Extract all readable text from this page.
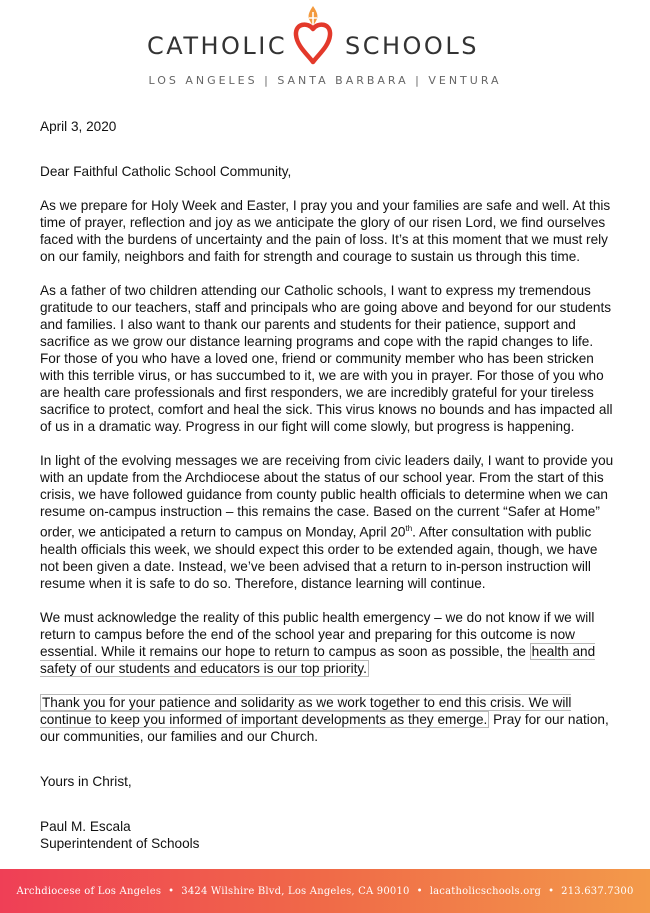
CATHOLIC SCHOOLS
LOS ANGELES | SANTA BARBARA | VENTURA

April 3, 2020

Dear Faithful Catholic School Community,

As we prepare for Holy Week and Easter, I pray you and your families are safe and well. At this time of prayer, reflection and joy as we anticipate the glory of our risen Lord, we find ourselves faced with the burdens of uncertainty and the pain of loss. It’s at this moment that we must rely on our family, neighbors and faith for strength and courage to sustain us through this time.

As a father of two children attending our Catholic schools, I want to express my tremendous gratitude to our teachers, staff and principals who are going above and beyond for our students and families. I also want to thank our parents and students for their patience, support and sacrifice as we grow our distance learning programs and cope with the rapid changes to life. For those of you who have a loved one, friend or community member who has been stricken with this terrible virus, or has succumbed to it, we are with you in prayer. For those of you who are health care professionals and first responders, we are incredibly grateful for your tireless sacrifice to protect, comfort and heal the sick. This virus knows no bounds and has impacted all of us in a dramatic way. Progress in our fight will come slowly, but progress is happening.

In light of the evolving messages we are receiving from civic leaders daily, I want to provide you with an update from the Archdiocese about the status of our school year. From the start of this crisis, we have followed guidance from county public health officials to determine when we can resume on-campus instruction – this remains the case. Based on the current “Safer at Home” order, we anticipated a return to campus on Monday, April 20th. After consultation with public health officials this week, we should expect this order to be extended again, though, we have not been given a date. Instead, we’ve been advised that a return to in-person instruction will resume when it is safe to do so. Therefore, distance learning will continue.

We must acknowledge the reality of this public health emergency – we do not know if we will return to campus before the end of the school year and preparing for this outcome is now essential. While it remains our hope to return to campus as soon as possible, the health and safety of our students and educators is our top priority.

Thank you for your patience and solidarity as we work together to end this crisis. We will continue to keep you informed of important developments as they emerge. Pray for our nation, our communities, our families and our Church.

Yours in Christ,

Paul M. Escala

Superintendent of Schools

Archdiocese of Los Angeles • 3424 Wilshire Blvd, Los Angeles, CA 90010 • lacatholicschools.org • 213.637.7300
